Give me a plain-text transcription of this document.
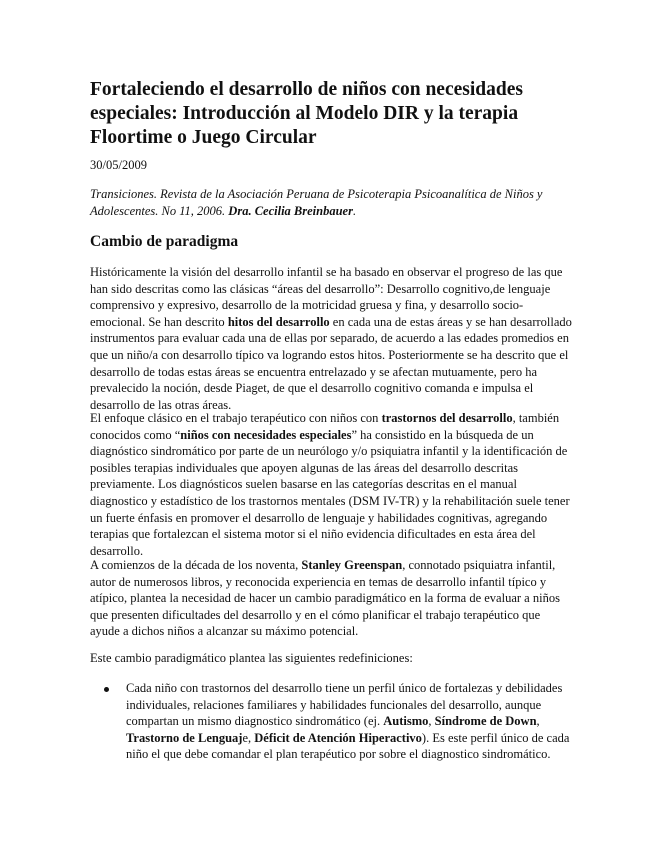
Fortaleciendo el desarrollo de niños con necesidades especiales: Introducción al Modelo DIR y la terapia Floortime o Juego Circular

30/05/2009

Transiciones. Revista de la Asociación Peruana de Psicoterapia Psicoanalítica de Niños y Adolescentes. No 11, 2006. Dra. Cecilia Breinbauer.

Cambio de paradigma

Históricamente la visión del desarrollo infantil se ha basado en observar el progreso de las que han sido descritas como las clásicas “áreas del desarrollo”: Desarrollo cognitivo,de lenguaje comprensivo y expresivo, desarrollo de la motricidad gruesa y fina, y desarrollo socio-emocional. Se han descrito hitos del desarrollo en cada una de estas áreas y se han desarrollado instrumentos para evaluar cada una de ellas por separado, de acuerdo a las edades promedios en que un niño/a con desarrollo típico va logrando estos hitos. Posteriormente se ha descrito que el desarrollo de todas estas áreas se encuentra entrelazado y se afectan mutuamente, pero ha prevalecido la noción, desde Piaget, de que el desarrollo cognitivo comanda e impulsa el desarrollo de las otras áreas.

El enfoque clásico en el trabajo terapéutico con niños con trastornos del desarrollo, también conocidos como “niños con necesidades especiales” ha consistido en la búsqueda de un diagnóstico sindromático por parte de un neurólogo y/o psiquiatra infantil y la identificación de posibles terapias individuales que apoyen algunas de las áreas del desarrollo descritas previamente. Los diagnósticos suelen basarse en las categorías descritas en el manual diagnostico y estadístico de los trastornos mentales (DSM IV-TR) y la rehabilitación suele tener un fuerte énfasis en promover el desarrollo de lenguaje y habilidades cognitivas, agregando terapias que fortalezcan el sistema motor si el niño evidencia dificultades en esta área del desarrollo.

A comienzos de la década de los noventa, Stanley Greenspan, connotado psiquiatra infantil, autor de numerosos libros, y reconocida experiencia en temas de desarrollo infantil típico y atípico, plantea la necesidad de hacer un cambio paradigmático en la forma de evaluar a niños que presenten dificultades del desarrollo y en el cómo planificar el trabajo terapéutico que ayude a dichos niños a alcanzar su máximo potencial.

Este cambio paradigmático plantea las siguientes redefiniciones:

Cada niño con trastornos del desarrollo tiene un perfil único de fortalezas y debilidades individuales, relaciones familiares y habilidades funcionales del desarrollo, aunque compartan un mismo diagnostico sindromático (ej. Autismo, Síndrome de Down, Trastorno de Lenguaje, Déficit de Atención Hiperactivo). Es este perfil único de cada niño el que debe comandar el plan terapéutico por sobre el diagnostico sindromático.
